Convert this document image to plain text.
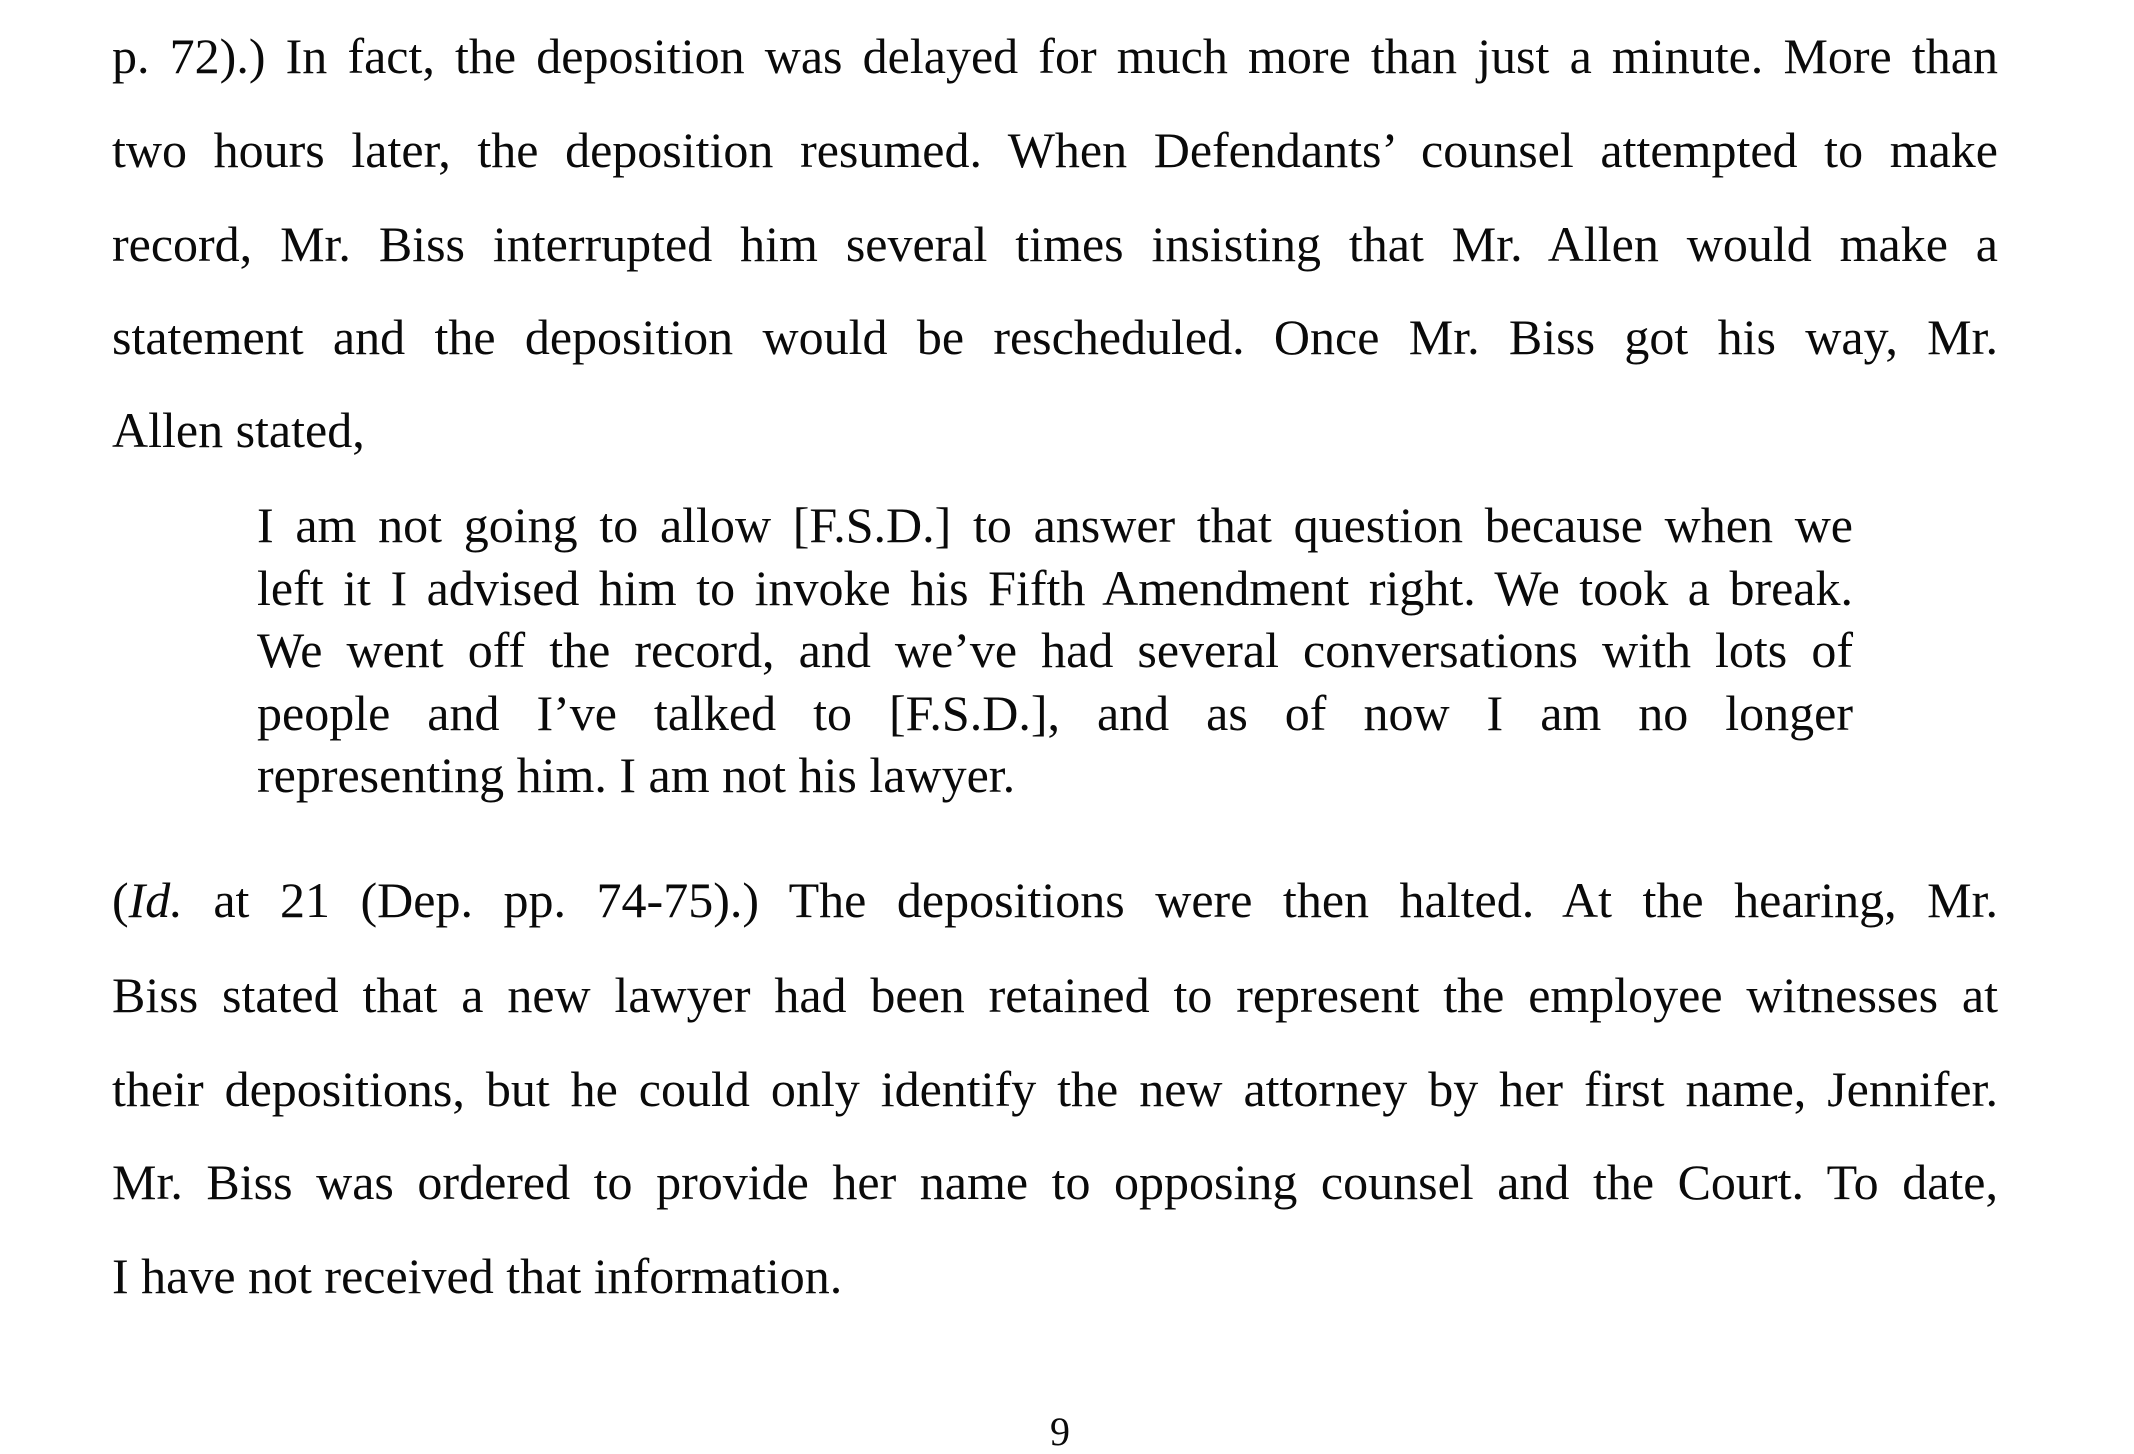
p. 72).) In fact, the deposition was delayed for much more than just a minute. More than
two hours later, the deposition resumed. When Defendants’ counsel attempted to make
record, Mr. Biss interrupted him several times insisting that Mr. Allen would make a
statement and the deposition would be rescheduled. Once Mr. Biss got his way, Mr.
Allen stated,
I am not going to allow [F.S.D.] to answer that question because when we
left it I advised him to invoke his Fifth Amendment right. We took a break.
We went off the record, and we’ve had several conversations with lots of
people and I’ve talked to [F.S.D.], and as of now I am no longer
representing him. I am not his lawyer.
(Id. at 21 (Dep. pp. 74-75).) The depositions were then halted. At the hearing, Mr.
Biss stated that a new lawyer had been retained to represent the employee witnesses at
their depositions, but he could only identify the new attorney by her first name, Jennifer.
Mr. Biss was ordered to provide her name to opposing counsel and the Court. To date,
I have not received that information.
9
